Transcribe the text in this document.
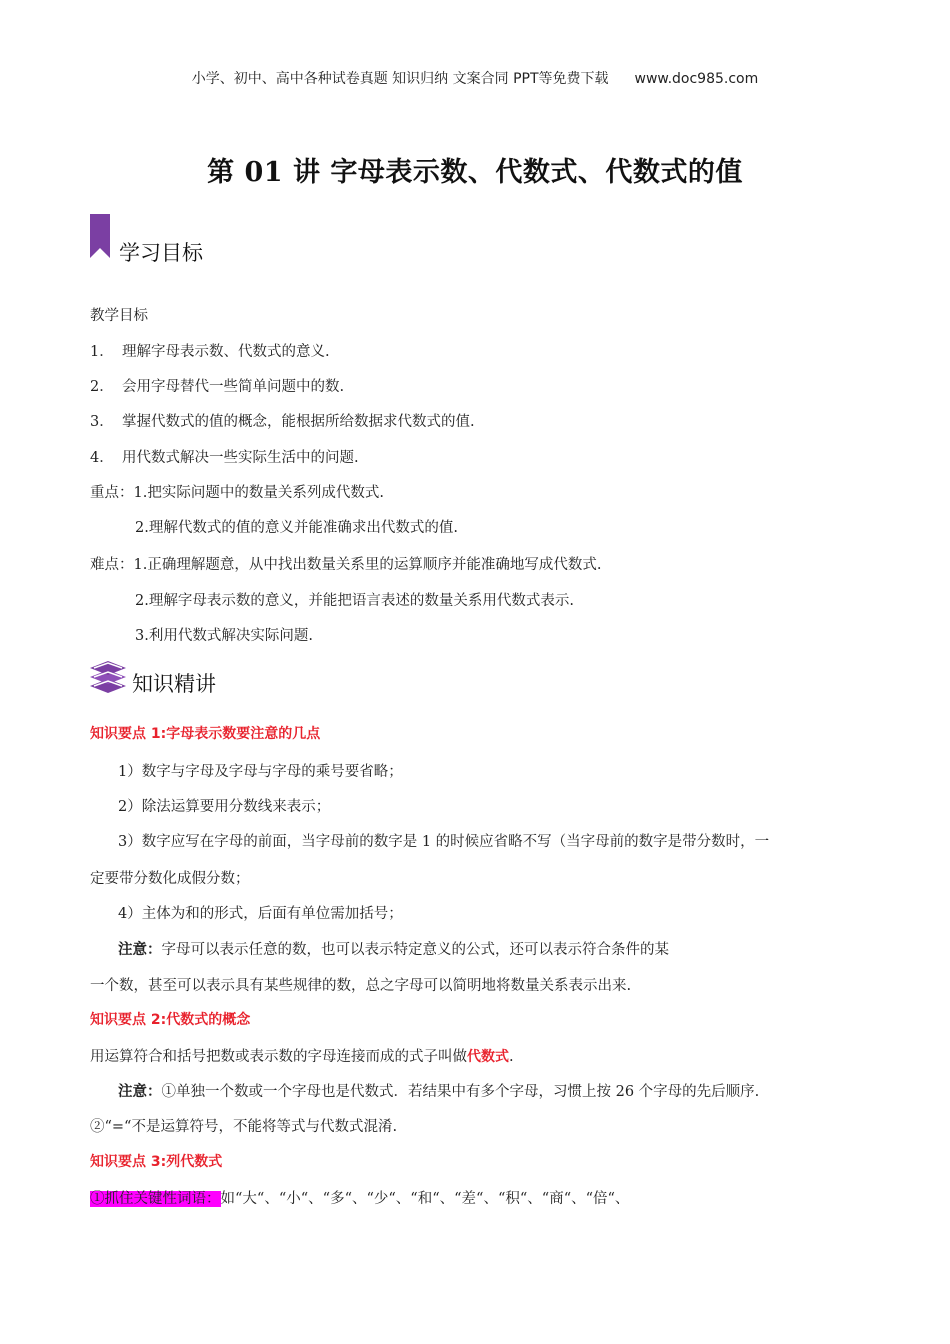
小学、初中、高中各种试卷真题 知识归纳 文案合同 PPT等免费下载 www.doc985.com
第 01 讲 字母表示数、代数式、代数式的值
学习目标
教学目标
1． 理解字母表示数、代数式的意义.
2． 会用字母替代一些简单问题中的数.
3． 掌握代数式的值的概念，能根据所给数据求代数式的值.
4． 用代数式解决一些实际生活中的问题.
重点：1.把实际问题中的数量关系列成代数式.
2.理解代数式的值的意义并能准确求出代数式的值.
难点：1.正确理解题意，从中找出数量关系里的运算顺序并能准确地写成代数式.
2.理解字母表示数的意义，并能把语言表述的数量关系用代数式表示.
3.利用代数式解决实际问题.
知识精讲
知识要点 1:字母表示数要注意的几点
1）数字与字母及字母与字母的乘号要省略；
2）除法运算要用分数线来表示；
3）数字应写在字母的前面，当字母前的数字是 1 的时候应省略不写（当字母前的数字是带分数时，一
定要带分数化成假分数；
4）主体为和的形式，后面有单位需加括号；
注意：字母可以表示任意的数，也可以表示特定意义的公式，还可以表示符合条件的某
一个数，甚至可以表示具有某些规律的数，总之字母可以简明地将数量关系表示出来.
知识要点 2:代数式的概念
用运算符合和括号把数或表示数的字母连接而成的式子叫做代数式.
注意：①单独一个数或一个字母也是代数式．若结果中有多个字母，习惯上按 26 个字母的先后顺序.
②“=“不是运算符号，不能将等式与代数式混淆.
知识要点 3:列代数式
①抓住关键性词语：如“大“、“小“、“多“、“少“、“和“、“差“、“积“、“商“、“倍“、
